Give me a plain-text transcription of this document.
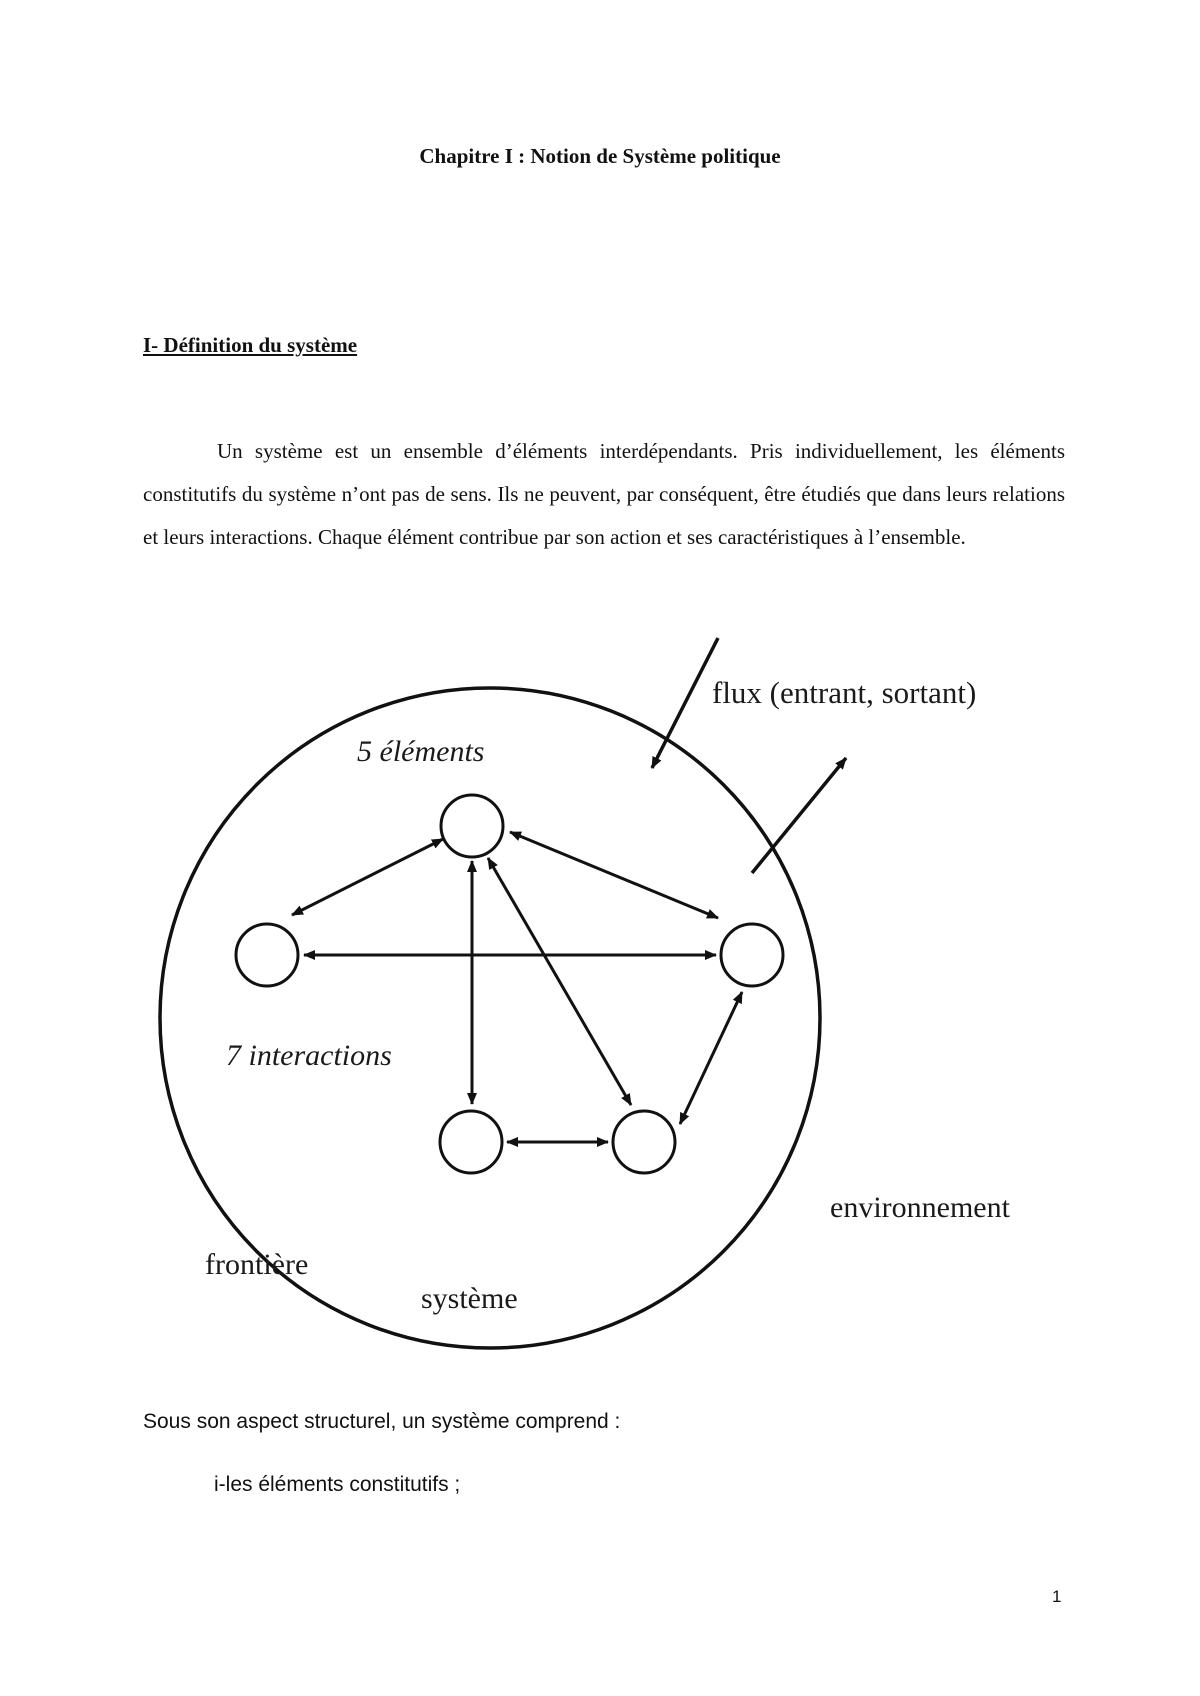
Chapitre I : Notion de Système politique
I- Définition du système

Un système est un ensemble d’éléments interdépendants. Pris individuellement, les éléments constitutifs du système n’ont pas de sens. Ils ne peuvent, par conséquent, être étudiés que dans leurs relations et leurs interactions. Chaque élément contribue par son action et ses caractéristiques à l’ensemble.

flux (entrant, sortant)
5 éléments
7 interactions
environnement
frontière
système
Sous son aspect structurel, un système comprend :
i-les éléments constitutifs ;
1
